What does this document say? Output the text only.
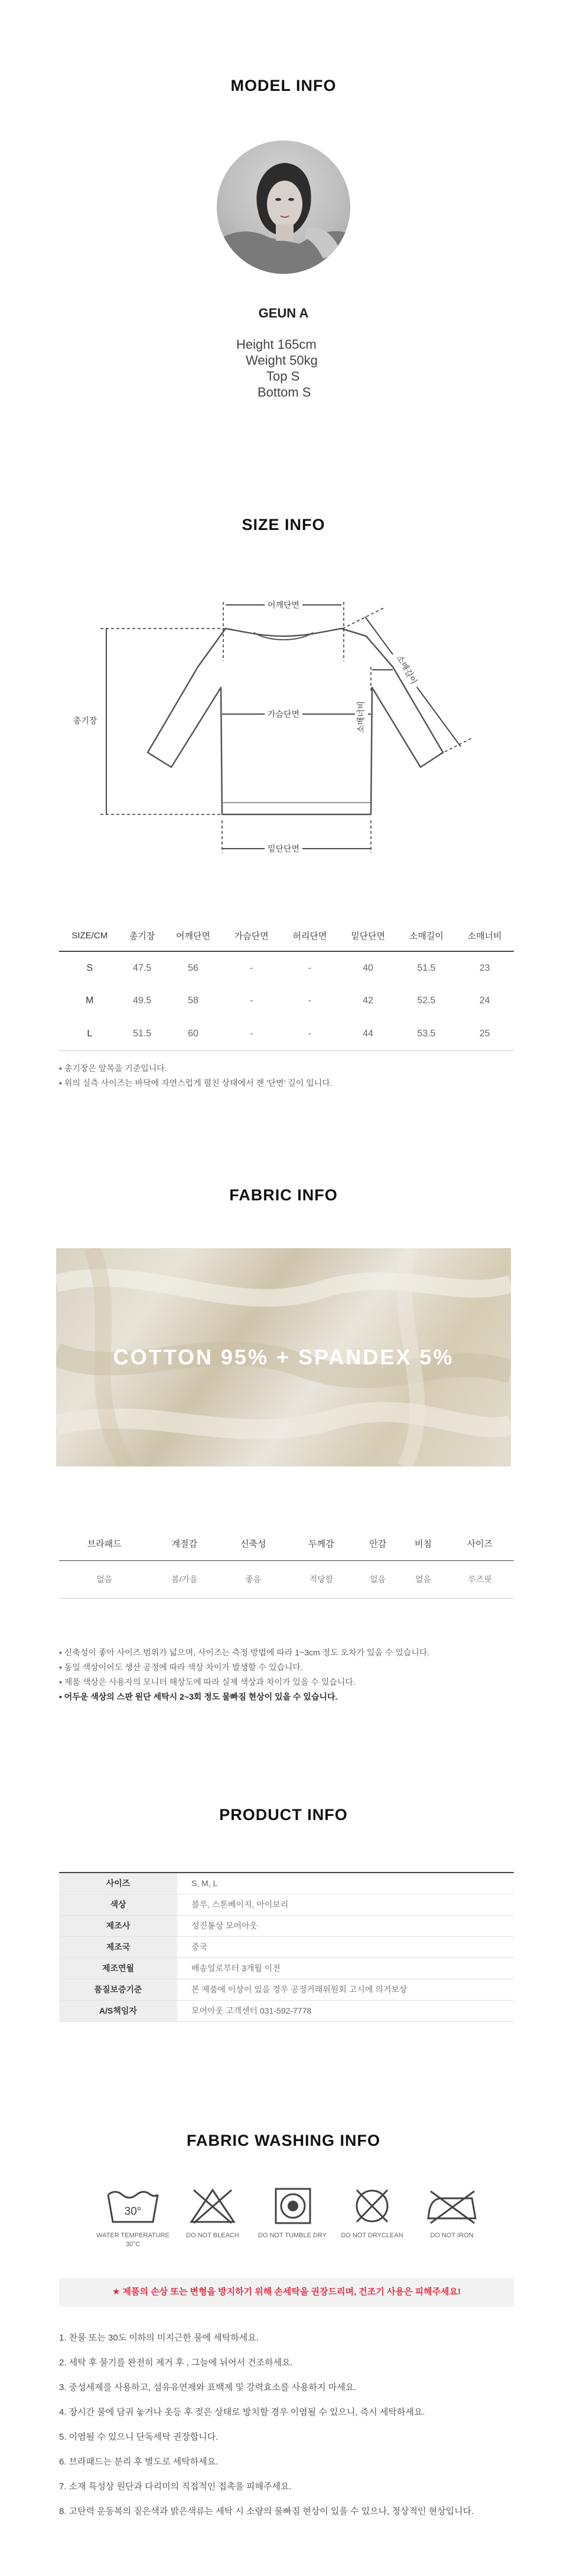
MODEL INFO
GEUN A
Height 165cm
Weight 50kg
Top S
Bottom S
SIZE INFO
어깨단면
가슴단면
밑단단면
총기장
소매길이
소매너비
SIZE/CM	총기장	어깨단면	가슴단면	허리단면	밑단단면	소매길이	소매너비
S	47.5	56	-	-	40	51.5	23
M	49.5	58	-	-	42	52.5	24
L	51.5	60	-	-	44	53.5	25
• 총기장은 앞목을 기준입니다.
• 위의 실측 사이즈는 바닥에 자연스럽게 펼친 상태에서 잰 '단면' 길이 입니다.
FABRIC INFO
COTTON 95% + SPANDEX 5%
브라패드	계절감	신축성	두께감	안감	비침	사이즈
없음	봄/가을	좋음	적당함	없음	없음	루즈핏
• 신축성이 좋아 사이즈 범위가 넓으며, 사이즈는 측정 방법에 따라 1~3cm 정도 오차가 있을 수 있습니다.
• 동일 색상이어도 생산 공정에 따라 색상 차이가 발생할 수 있습니다.
• 제품 색상은 사용자의 모니터 해상도에 따라 실제 색상과 차이가 있을 수 있습니다.
• 어두운 색상의 스판 원단 세탁시 2~3회 정도 물빠짐 현상이 있을 수 있습니다.
PRODUCT INFO
사이즈	S, M, L
색상	블루, 스톤베이지, 아이보리
제조사	성진통상 모어아웃
제조국	중국
제조연월	배송일로부터 3개월 이전
품질보증기준	본 제품에 이상이 있을 경우 공정거래위원회 고시에 의거보상
A/S책임자	모어아웃 고객센터 031-592-7778
FABRIC WASHING INFO
30°
WATER TEMPERATURE 30°C
DO NOT BLEACH	DO NOT TUMBLE DRY	DO NOT DRYCLEAN	DO NOT IRON
★ 제품의 손상 또는 변형을 방지하기 위해 손세탁을 권장드리며, 건조기 사용은 피해주세요!
1. 찬물 또는 30도 이하의 미지근한 물에 세탁하세요.
2. 세탁 후 물기를 완전히 제거 후 , 그늘에 뉘어서 건조하세요.
3. 중성세제를 사용하고, 섬유유연제와 표백제 및 강력효소를 사용하지 마세요.
4. 장시간 물에 담궈 놓거나 옷등 후 젖은 상태로 방치할 경우 이염될 수 있으니, 즉시 세탁하세요.
5. 이염될 수 있으니 단독세탁 권장합니다.
6. 브라패드는 분리 후 별도로 세탁하세요.
7. 소재 특성상 원단과 다리미의 직접적인 접촉을 피해주세요.
8. 고탄력 운동복의 짙은색과 밝은색류는 세탁 시 소량의 물빠짐 현상이 있을 수 있으나, 정상적인 현상입니다.
